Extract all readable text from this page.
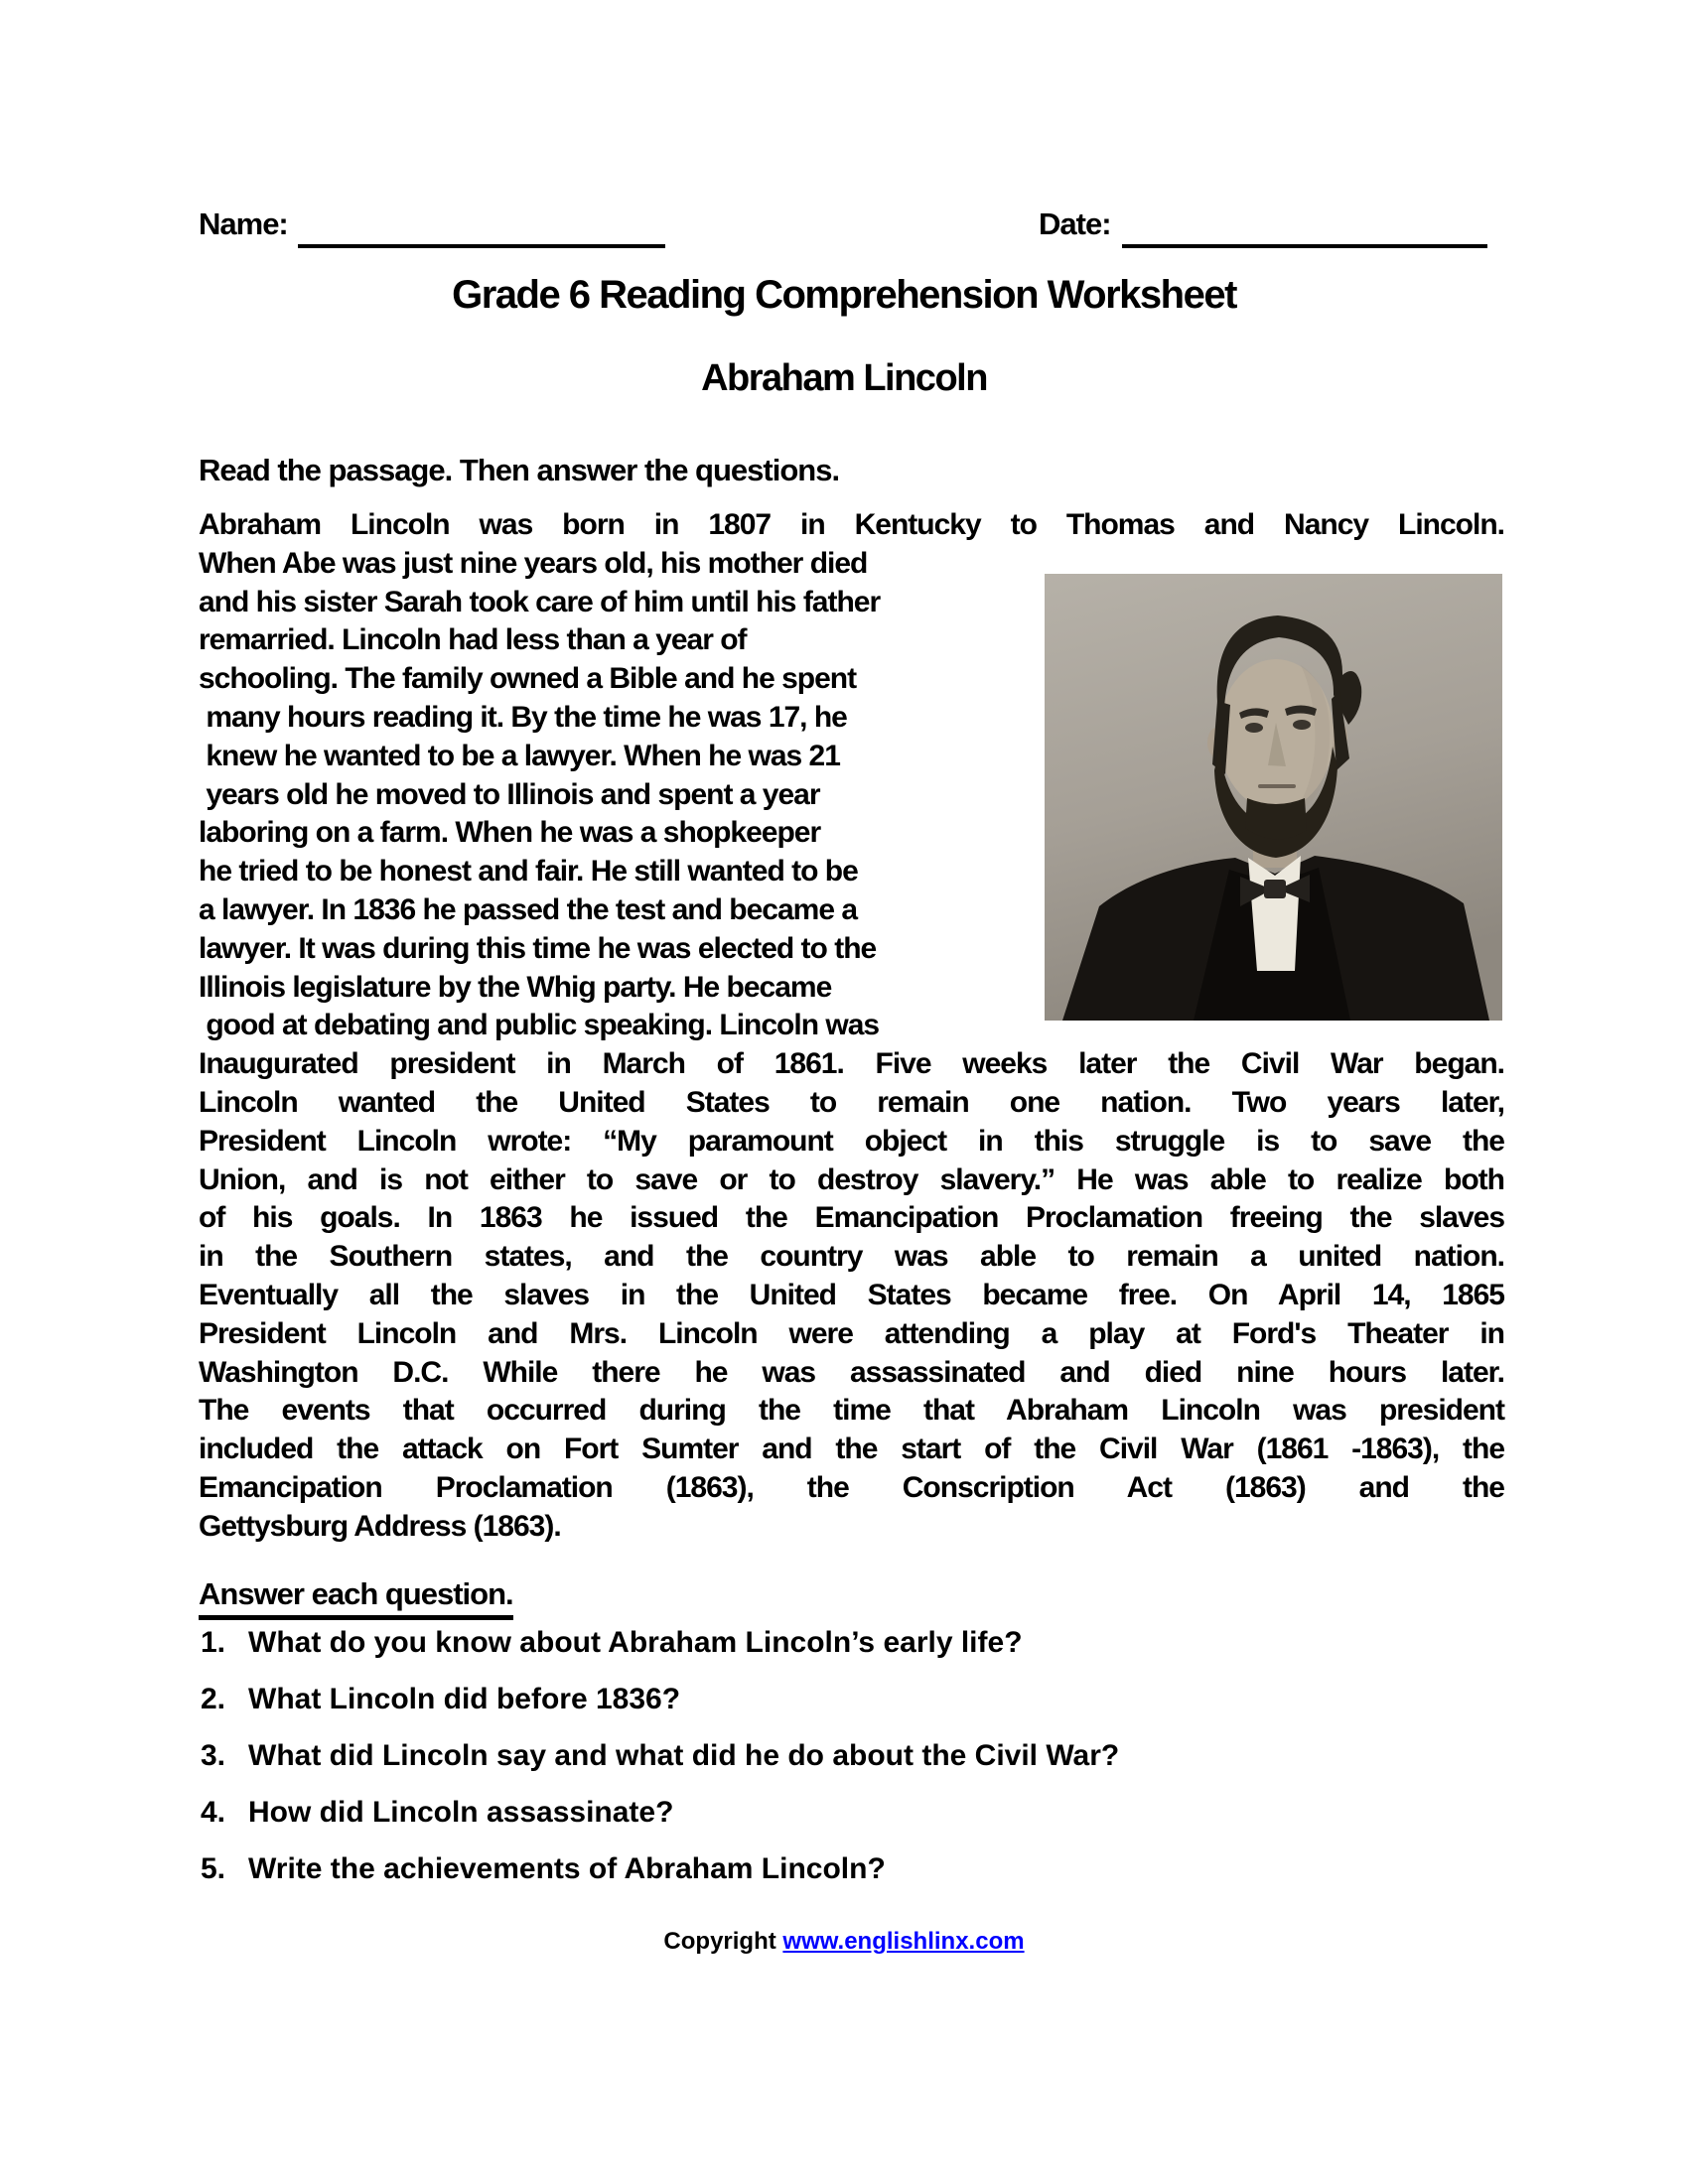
Name:	Date:
Grade 6 Reading Comprehension Worksheet
Abraham Lincoln
Read the passage. Then answer the questions.
Abraham Lincoln was born in 1807 in Kentucky to Thomas and Nancy Lincoln.
When Abe was just nine years old, his mother died
and his sister Sarah took care of him until his father
remarried. Lincoln had less than a year of
schooling. The family owned a Bible and he spent
many hours reading it. By the time he was 17, he
knew he wanted to be a lawyer. When he was 21
years old he moved to Illinois and spent a year
laboring on a farm. When he was a shopkeeper
he tried to be honest and fair. He still wanted to be
a lawyer. In 1836 he passed the test and became a
lawyer. It was during this time he was elected to the
Illinois legislature by the Whig party. He became
good at debating and public speaking. Lincoln was
Inaugurated president in March of 1861. Five weeks later the Civil War began.
Lincoln wanted the United States to remain one nation. Two years later,
President Lincoln wrote: “My paramount object in this struggle is to save the
Union, and is not either to save or to destroy slavery.” He was able to realize both
of his goals. In 1863 he issued the Emancipation Proclamation freeing the slaves
in the Southern states, and the country was able to remain a united nation.
Eventually all the slaves in the United States became free. On April 14, 1865
President Lincoln and Mrs. Lincoln were attending a play at Ford's Theater in
Washington D.C. While there he was assassinated and died nine hours later.
The events that occurred during the time that Abraham Lincoln was president
included the attack on Fort Sumter and the start of the Civil War (1861 -1863), the
Emancipation Proclamation (1863), the Conscription Act (1863) and the
Gettysburg Address (1863).
Answer each question.
1. What do you know about Abraham Lincoln’s early life?
2. What Lincoln did before 1836?
3. What did Lincoln say and what did he do about the Civil War?
4. How did Lincoln assassinate?
5. Write the achievements of Abraham Lincoln?
Copyright www.englishlinx.com
